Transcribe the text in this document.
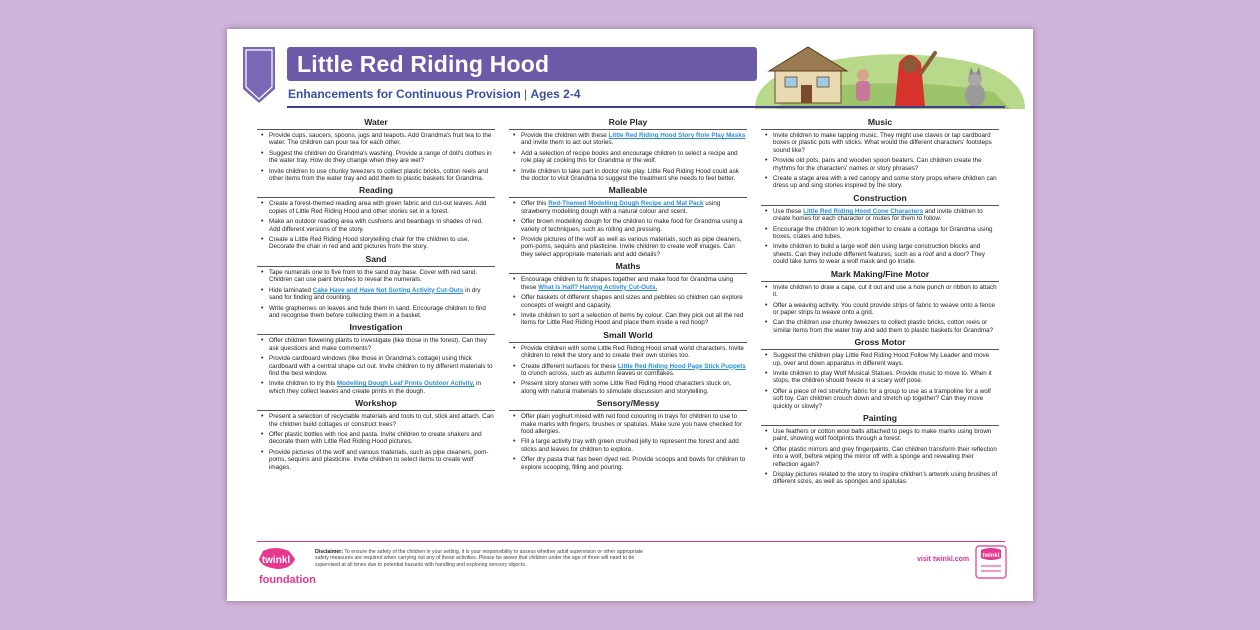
Little Red Riding Hood
Enhancements for Continuous Provision | Ages 2-4
Water
• Provide cups, saucers, spoons, jugs and teapots. Add Grandma's fruit tea to the water. The children can pour tea for each other.
• Suggest the children do Grandma's washing. Provide a range of doll's clothes in the water tray. How do they change when they are wet?
• Invite children to use chunky tweezers to collect plastic bricks, cotton reels and other items from the water tray and add them to plastic baskets for Grandma.
Reading
• Create a forest-themed reading area with green fabric and cut-out leaves. Add copies of Little Red Riding Hood and other stories set in a forest.
• Make an outdoor reading area with cushions and beanbags in shades of red. Add different versions of the story.
• Create a Little Red Riding Hood storytelling chair for the children to use. Decorate the chair in red and add pictures from the story.
Sand
• Tape numerals one to five from to the sand tray base. Cover with red sand. Children can use paint brushes to reveal the numerals.
• Hide laminated Cake Have and Have Not Sorting Activity Cut-Outs in dry sand for finding and counting.
• Write graphemes on leaves and hide them in sand. Encourage children to find and recognise them before collecting them in a basket.
Investigation
• Offer children flowering plants to investigate (like those in the forest). Can they ask questions and make comments?
• Provide cardboard windows (like those in Grandma's cottage) using thick cardboard with a central shape cut out. Invite children to try different materials to find the best window.
• Invite children to try this Modelling Dough Leaf Prints Outdoor Activity, in which they collect leaves and create prints in the dough.
Workshop
• Present a selection of recyclable materials and tools to cut, stick and attach. Can the children build cottages or construct trees?
• Offer plastic bottles with rice and pasta. Invite children to create shakers and decorate them with Little Red Riding Hood pictures.
• Provide pictures of the wolf and various materials, such as pipe cleaners, pom-poms, sequins and plasticine. Invite children to select items to create wolf images.
Role Play
• Provide the children with these Little Red Riding Hood Story Role Play Masks and invite them to act out stories.
• Add a selection of recipe books and encourage children to select a recipe and role play at cooking this for Grandma or the wolf.
• Invite children to take part in doctor role play. Little Red Riding Hood could ask the doctor to visit Grandma to suggest the treatment she needs to feel better.
Malleable
• Offer this Red-Themed Modelling Dough Recipe and Mat Pack using strawberry modelling dough with a natural colour and scent.
• Offer brown modelling dough for the children to make food for Grandma using a variety of techniques, such as rolling and pressing.
• Provide pictures of the wolf as well as various materials, such as pipe cleaners, pom-poms, sequins and plasticine. Invite children to create wolf images. Can they select appropriate materials and add details?
Maths
• Encourage children to fit shapes together and make food for Grandma using these What Is Half? Halving Activity Cut-Outs.
• Offer baskets of different shapes and sizes and pebbles so children can explore concepts of weight and capacity.
• Invite children to sort a selection of items by colour. Can they pick out all the red items for Little Red Riding Hood and place them inside a red hoop?
Small World
• Provide children with some Little Red Riding Hood small world characters. Invite children to retell the story and to create their own stories too.
• Create different surfaces for these Little Red Riding Hood Page Stick Puppets to crunch across, such as autumn leaves or cornflakes.
• Present story stones with some Little Red Riding Hood characters stuck on, along with natural materials to stimulate discussion and storytelling.
Sensory/Messy
• Offer plain yoghurt mixed with red food colouring in trays for children to use to make marks with fingers, brushes or spatulas. Make sure you have checked for food allergies.
• Fill a large activity tray with green crushed jelly to represent the forest and add sticks and leaves for children to explore.
• Offer dry pasta that has been dyed red. Provide scoops and bowls for children to explore scooping, filling and pouring.
Music
• Invite children to make tapping music. They might use claves or tap cardboard boxes or plastic pots with sticks. What would the different characters' footsteps sound like?
• Provide old pots, pans and wooden spoon beaters. Can children create the rhythms for the characters' names or story phrases?
• Create a stage area with a red canopy and some story props where children can dress up and sing stories inspired by the story.
Construction
• Use these Little Red Riding Hood Cone Characters and invite children to create homes for each character or routes for them to follow.
• Encourage the children to work together to create a cottage for Grandma using boxes, crates and tubes.
• Invite children to build a large wolf den using large construction blocks and sheets. Can they include different features, such as a roof and a door? They could take turns to wear a wolf mask and go inside.
Mark Making/Fine Motor
• Invite children to draw a cape, cut it out and use a hole punch or ribbon to attach it.
• Offer a weaving activity. You could provide strips of fabric to weave onto a fence or paper strips to weave onto a grid.
• Can the children use chunky tweezers to collect plastic bricks, cotton reels or similar items from the water tray and add them to plastic baskets for Grandma?
Gross Motor
• Suggest the children play Little Red Riding Hood Follow My Leader and move up, over and down apparatus in different ways.
• Invite children to play Wolf Musical Statues. Provide music to move to. When it stops, the children should freeze in a scary wolf pose.
• Offer a piece of red stretchy fabric for a group to use as a trampoline for a wolf soft toy. Can children crouch down and stretch up together? Can they move quickly or slowly?
Painting
• Use feathers or cotton wool balls attached to pegs to make marks using brown paint, showing wolf footprints through a forest.
• Offer plastic mirrors and grey fingerpaints. Can children transform their reflection into a wolf, before wiping the mirror off with a sponge and revealing their reflection again?
• Display pictures related to the story to inspire children's artwork using brushes of different sizes, as well as sponges and spatulas.
twinkl
foundation
Disclaimer: To ensure the safety of the children in your setting, it is your responsibility to assess whether adult supervision or other appropriate safety measures are required when carrying out any of these activities. Please be aware that children under the age of three will need to be supervised at all times due to potential hazards with handling and exploring sensory objects.
visit twinkl.com twinkl
